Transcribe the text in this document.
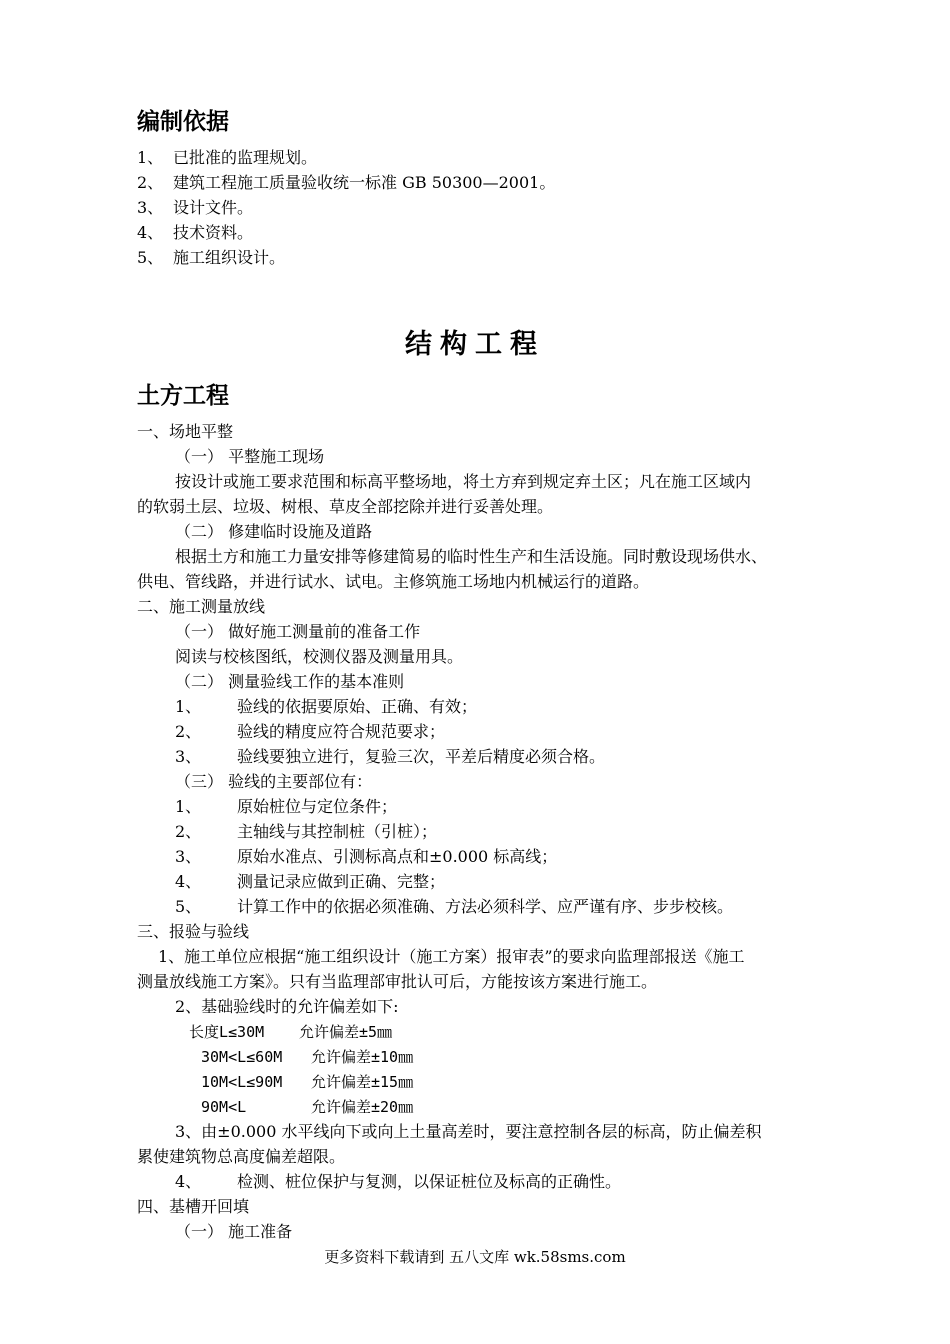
编制依据
1、 已批准的监理规划。
2、 建筑工程施工质量验收统一标准 GB 50300—2001。
3、 设计文件。
4、 技术资料。
5、 施工组织设计。
结构工程
土方工程
一、场地平整
（一） 平整施工现场
按设计或施工要求范围和标高平整场地，将土方弃到规定弃土区；凡在施工区域内
的软弱土层、垃圾、树根、草皮全部挖除并进行妥善处理。
（二） 修建临时设施及道路
根据土方和施工力量安排等修建简易的临时性生产和生活设施。同时敷设现场供水、
供电、管线路，并进行试水、试电。主修筑施工场地内机械运行的道路。
二、施工测量放线
（一） 做好施工测量前的准备工作
阅读与校核图纸，校测仪器及测量用具。
（二） 测量验线工作的基本准则
1、 验线的依据要原始、正确、有效；
2、 验线的精度应符合规范要求；
3、 验线要独立进行，复验三次，平差后精度必须合格。
（三） 验线的主要部位有：
1、 原始桩位与定位条件；
2、 主轴线与其控制桩（引桩）；
3、 原始水准点、引测标高点和±0.000 标高线；
4、 测量记录应做到正确、完整；
5、 计算工作中的依据必须准确、方法必须科学、应严谨有序、步步校核。
三、报验与验线
1、施工单位应根据“施工组织设计（施工方案）报审表”的要求向监理部报送《施工
测量放线施工方案》。只有当监理部审批认可后，方能按该方案进行施工。
2、基础验线时的允许偏差如下:
长度L≤30M 允许偏差±5㎜
30M<L≤60M 允许偏差±10㎜
10M<L≤90M 允许偏差±15㎜
90M<L	允许偏差±20㎜
3、由±0.000 水平线向下或向上土量高差时，要注意控制各层的标高，防止偏差积
累使建筑物总高度偏差超限。
4、 检测、桩位保护与复测，以保证桩位及标高的正确性。
四、基槽开回填
（一） 施工准备
更多资料下载请到 五八文库 wk.58sms.com
